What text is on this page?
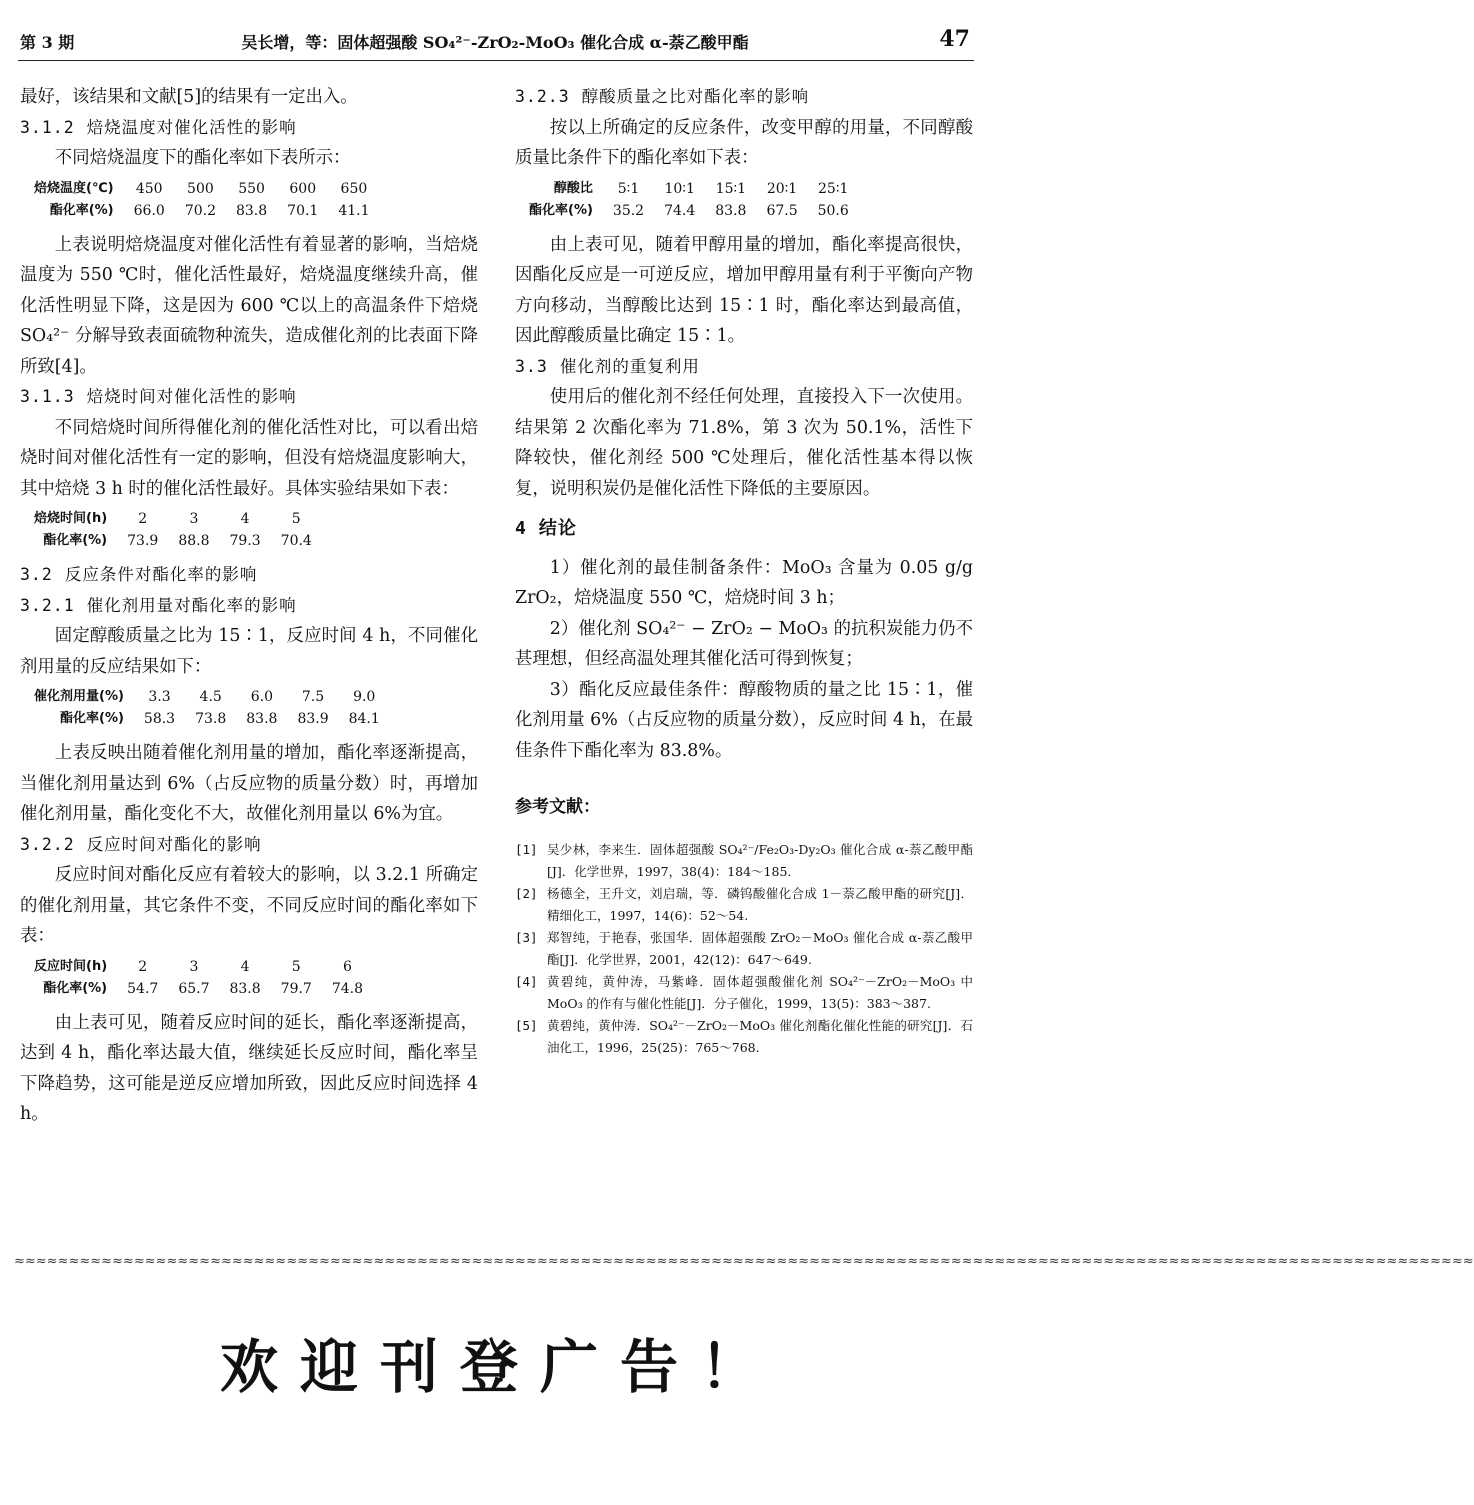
第 3 期	吴长增，等：固体超强酸 SO₄²⁻-ZrO₂-MoO₃ 催化合成 α-萘乙酸甲酯	47

最好，该结果和文献[5]的结果有一定出入。

3.1.2 焙烧温度对催化活性的影响

不同焙烧温度下的酯化率如下表所示：

焙烧温度(℃)	450	500	550	600	650
酯化率(%)	66.0	70.2	83.8	70.1	41.1

上表说明焙烧温度对催化活性有着显著的影响，当焙烧温度为 550 ℃时，催化活性最好，焙烧温度继续升高，催化活性明显下降，这是因为 600 ℃以上的高温条件下焙烧 SO₄²⁻ 分解导致表面硫物种流失，造成催化剂的比表面下降所致[4]。

3.1.3 焙烧时间对催化活性的影响

不同焙烧时间所得催化剂的催化活性对比，可以看出焙烧时间对催化活性有一定的影响，但没有焙烧温度影响大，其中焙烧 3 h 时的催化活性最好。具体实验结果如下表：

焙烧时间(h)	2	3	4	5
酯化率(%)	73.9	88.8	79.3	70.4
3.2 反应条件对酯化率的影响
3.2.1 催化剂用量对酯化率的影响

固定醇酸质量之比为 15∶1，反应时间 4 h，不同催化剂用量的反应结果如下：

催化剂用量(%)	3.3	4.5	6.0	7.5	9.0
酯化率(%)	58.3	73.8	83.8	83.9	84.1

上表反映出随着催化剂用量的增加，酯化率逐渐提高，当催化剂用量达到 6%（占反应物的质量分数）时，再增加催化剂用量，酯化变化不大，故催化剂用量以 6%为宜。

3.2.2 反应时间对酯化的影响

反应时间对酯化反应有着较大的影响，以 3.2.1 所确定的催化剂用量，其它条件不变，不同反应时间的酯化率如下表：

反应时间(h)	2	3	4	5	6
酯化率(%)	54.7	65.7	83.8	79.7	74.8

由上表可见，随着反应时间的延长，酯化率逐渐提高，达到 4 h，酯化率达最大值，继续延长反应时间，酯化率呈下降趋势，这可能是逆反应增加所致，因此反应时间选择 4 h。

3.2.3 醇酸质量之比对酯化率的影响

按以上所确定的反应条件，改变甲醇的用量，不同醇酸质量比条件下的酯化率如下表：

醇酸比	5∶1	10∶1	15∶1	20∶1	25∶1
酯化率(%)	35.2	74.4	83.8	67.5	50.6

由上表可见，随着甲醇用量的增加，酯化率提高很快，因酯化反应是一可逆反应，增加甲醇用量有利于平衡向产物方向移动，当醇酸比达到 15∶1 时，酯化率达到最高值，因此醇酸质量比确定 15∶1。

3.3 催化剂的重复利用

使用后的催化剂不经任何处理，直接投入下一次使用。结果第 2 次酯化率为 71.8%，第 3 次为 50.1%，活性下降较快，催化剂经 500 ℃处理后，催化活性基本得以恢复，说明积炭仍是催化活性下降低的主要原因。

4 结论

1）催化剂的最佳制备条件：MoO₃ 含量为 0.05 g/g ZrO₂，焙烧温度 550 ℃，焙烧时间 3 h；

2）催化剂 SO₄²⁻ − ZrO₂ − MoO₃ 的抗积炭能力仍不甚理想，但经高温处理其催化活可得到恢复；

3）酯化反应最佳条件：醇酸物质的量之比 15∶1，催化剂用量 6%（占反应物的质量分数），反应时间 4 h，在最佳条件下酯化率为 83.8%。

参考文献：
[1] 吴少林，李来生．固体超强酸 SO₄²⁻/Fe₂O₃-Dy₂O₃ 催化合成 α-萘乙酸甲酯[J]．化学世界，1997，38(4)：184～185.
[2] 杨德全，王升文，刘启瑞，等．磷钨酸催化合成 1－萘乙酸甲酯的研究[J]．精细化工，1997，14(6)：52～54.
[3] 郑智纯，于艳春，张国华．固体超强酸 ZrO₂－MoO₃ 催化合成 α-萘乙酸甲酯[J]．化学世界，2001，42(12)：647～649.
[4] 黄碧纯，黄仲涛，马紫峰．固体超强酸催化剂 SO₄²⁻－ZrO₂－MoO₃ 中 MoO₃ 的作有与催化性能[J]．分子催化，1999，13(5)：383～387.
[5] 黄碧纯，黄仲涛．SO₄²⁻－ZrO₂－MoO₃ 催化剂酯化催化性能的研究[J]．石油化工，1996，25(25)：765～768.
≈≈≈≈≈≈≈≈≈≈≈≈≈≈≈≈≈≈≈≈≈≈≈≈≈≈≈≈≈≈≈≈≈≈≈≈≈≈≈≈≈≈≈≈≈≈≈≈≈≈≈≈≈≈≈≈≈≈≈≈≈≈≈≈≈≈≈≈≈≈≈≈≈≈≈≈≈≈≈≈≈≈≈≈≈≈≈≈≈≈≈≈≈≈≈≈≈≈≈≈≈≈≈≈≈≈≈≈≈≈≈≈≈≈≈≈≈≈≈≈≈≈≈≈≈≈≈≈≈≈≈≈≈≈
欢迎刊登广告！
